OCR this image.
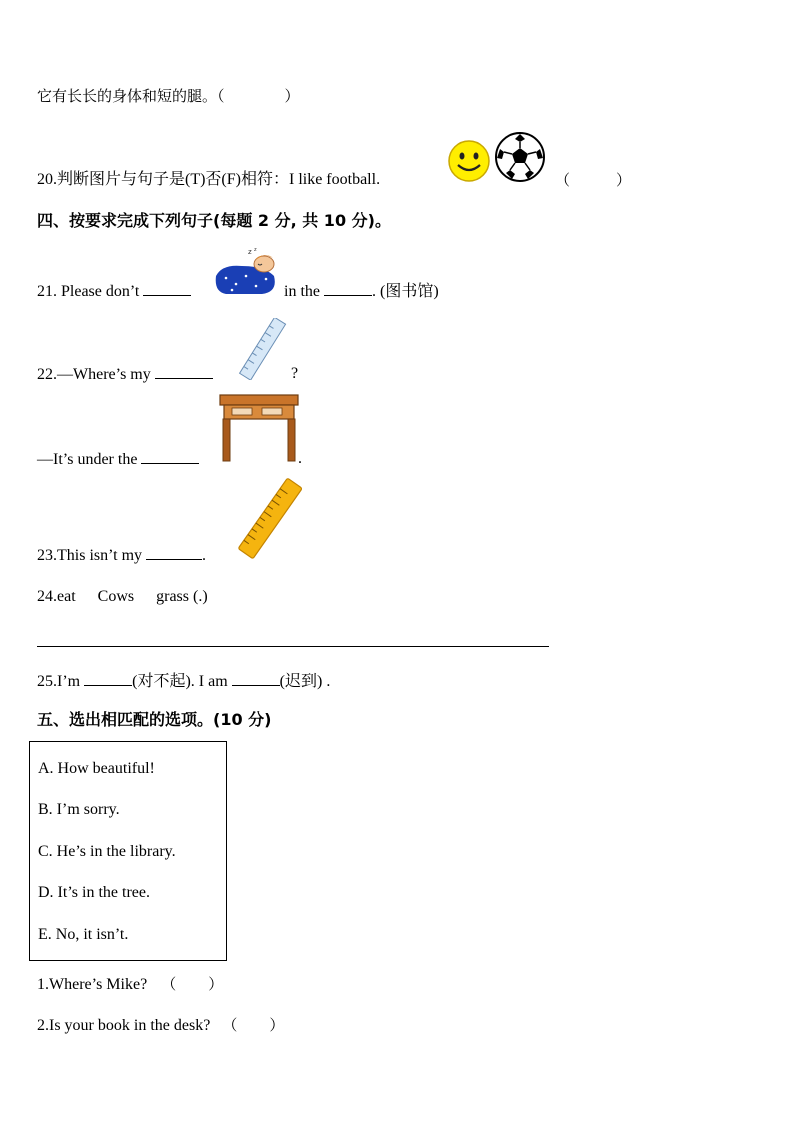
它有长长的身体和短的腿。（	）
20.判断图片与句子是(T)否(F)相符：I like football.	（	）
四、按要求完成下列句子(每题 2 分, 共 10 分)。
21. Please don’t
z z
in the	. (图书馆)
22.—Where’s my	?
—It’s under the	.
23.This isn’t my	.
24.eat Cows grass (.)
25.I’m	(对不起). I am	(迟到) .
五、选出相匹配的选项。(10 分)
A. How beautiful!
B. I’m sorry.
C. He’s in the library.
D. It’s in the tree.
E. No, it isn’t.
1.Where’s Mike? （ ）
2.Is your book in the desk? （ ）
